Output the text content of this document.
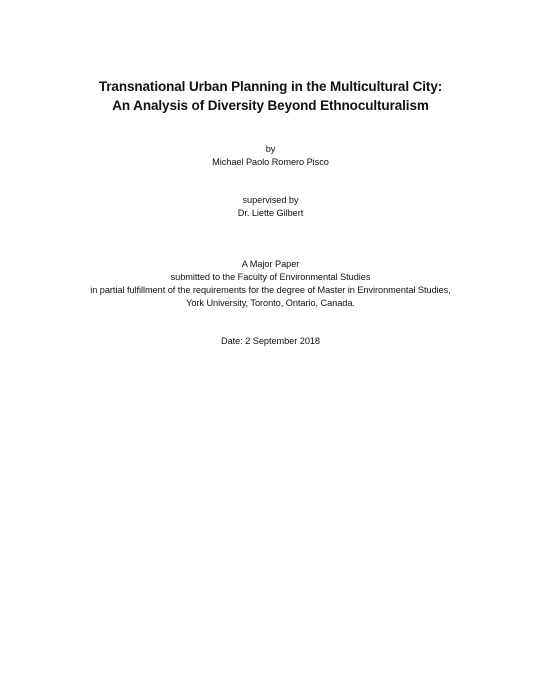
Transnational Urban Planning in the Multicultural City:
An Analysis of Diversity Beyond Ethnoculturalism
by
Michael Paolo Romero Pisco
supervised by
Dr. Liette Gilbert
A Major Paper
submitted to the Faculty of Environmental Studies
in partial fulfillment of the requirements for the degree of Master in Environmental Studies,
York University, Toronto, Ontario, Canada.
Date: 2 September 2018
